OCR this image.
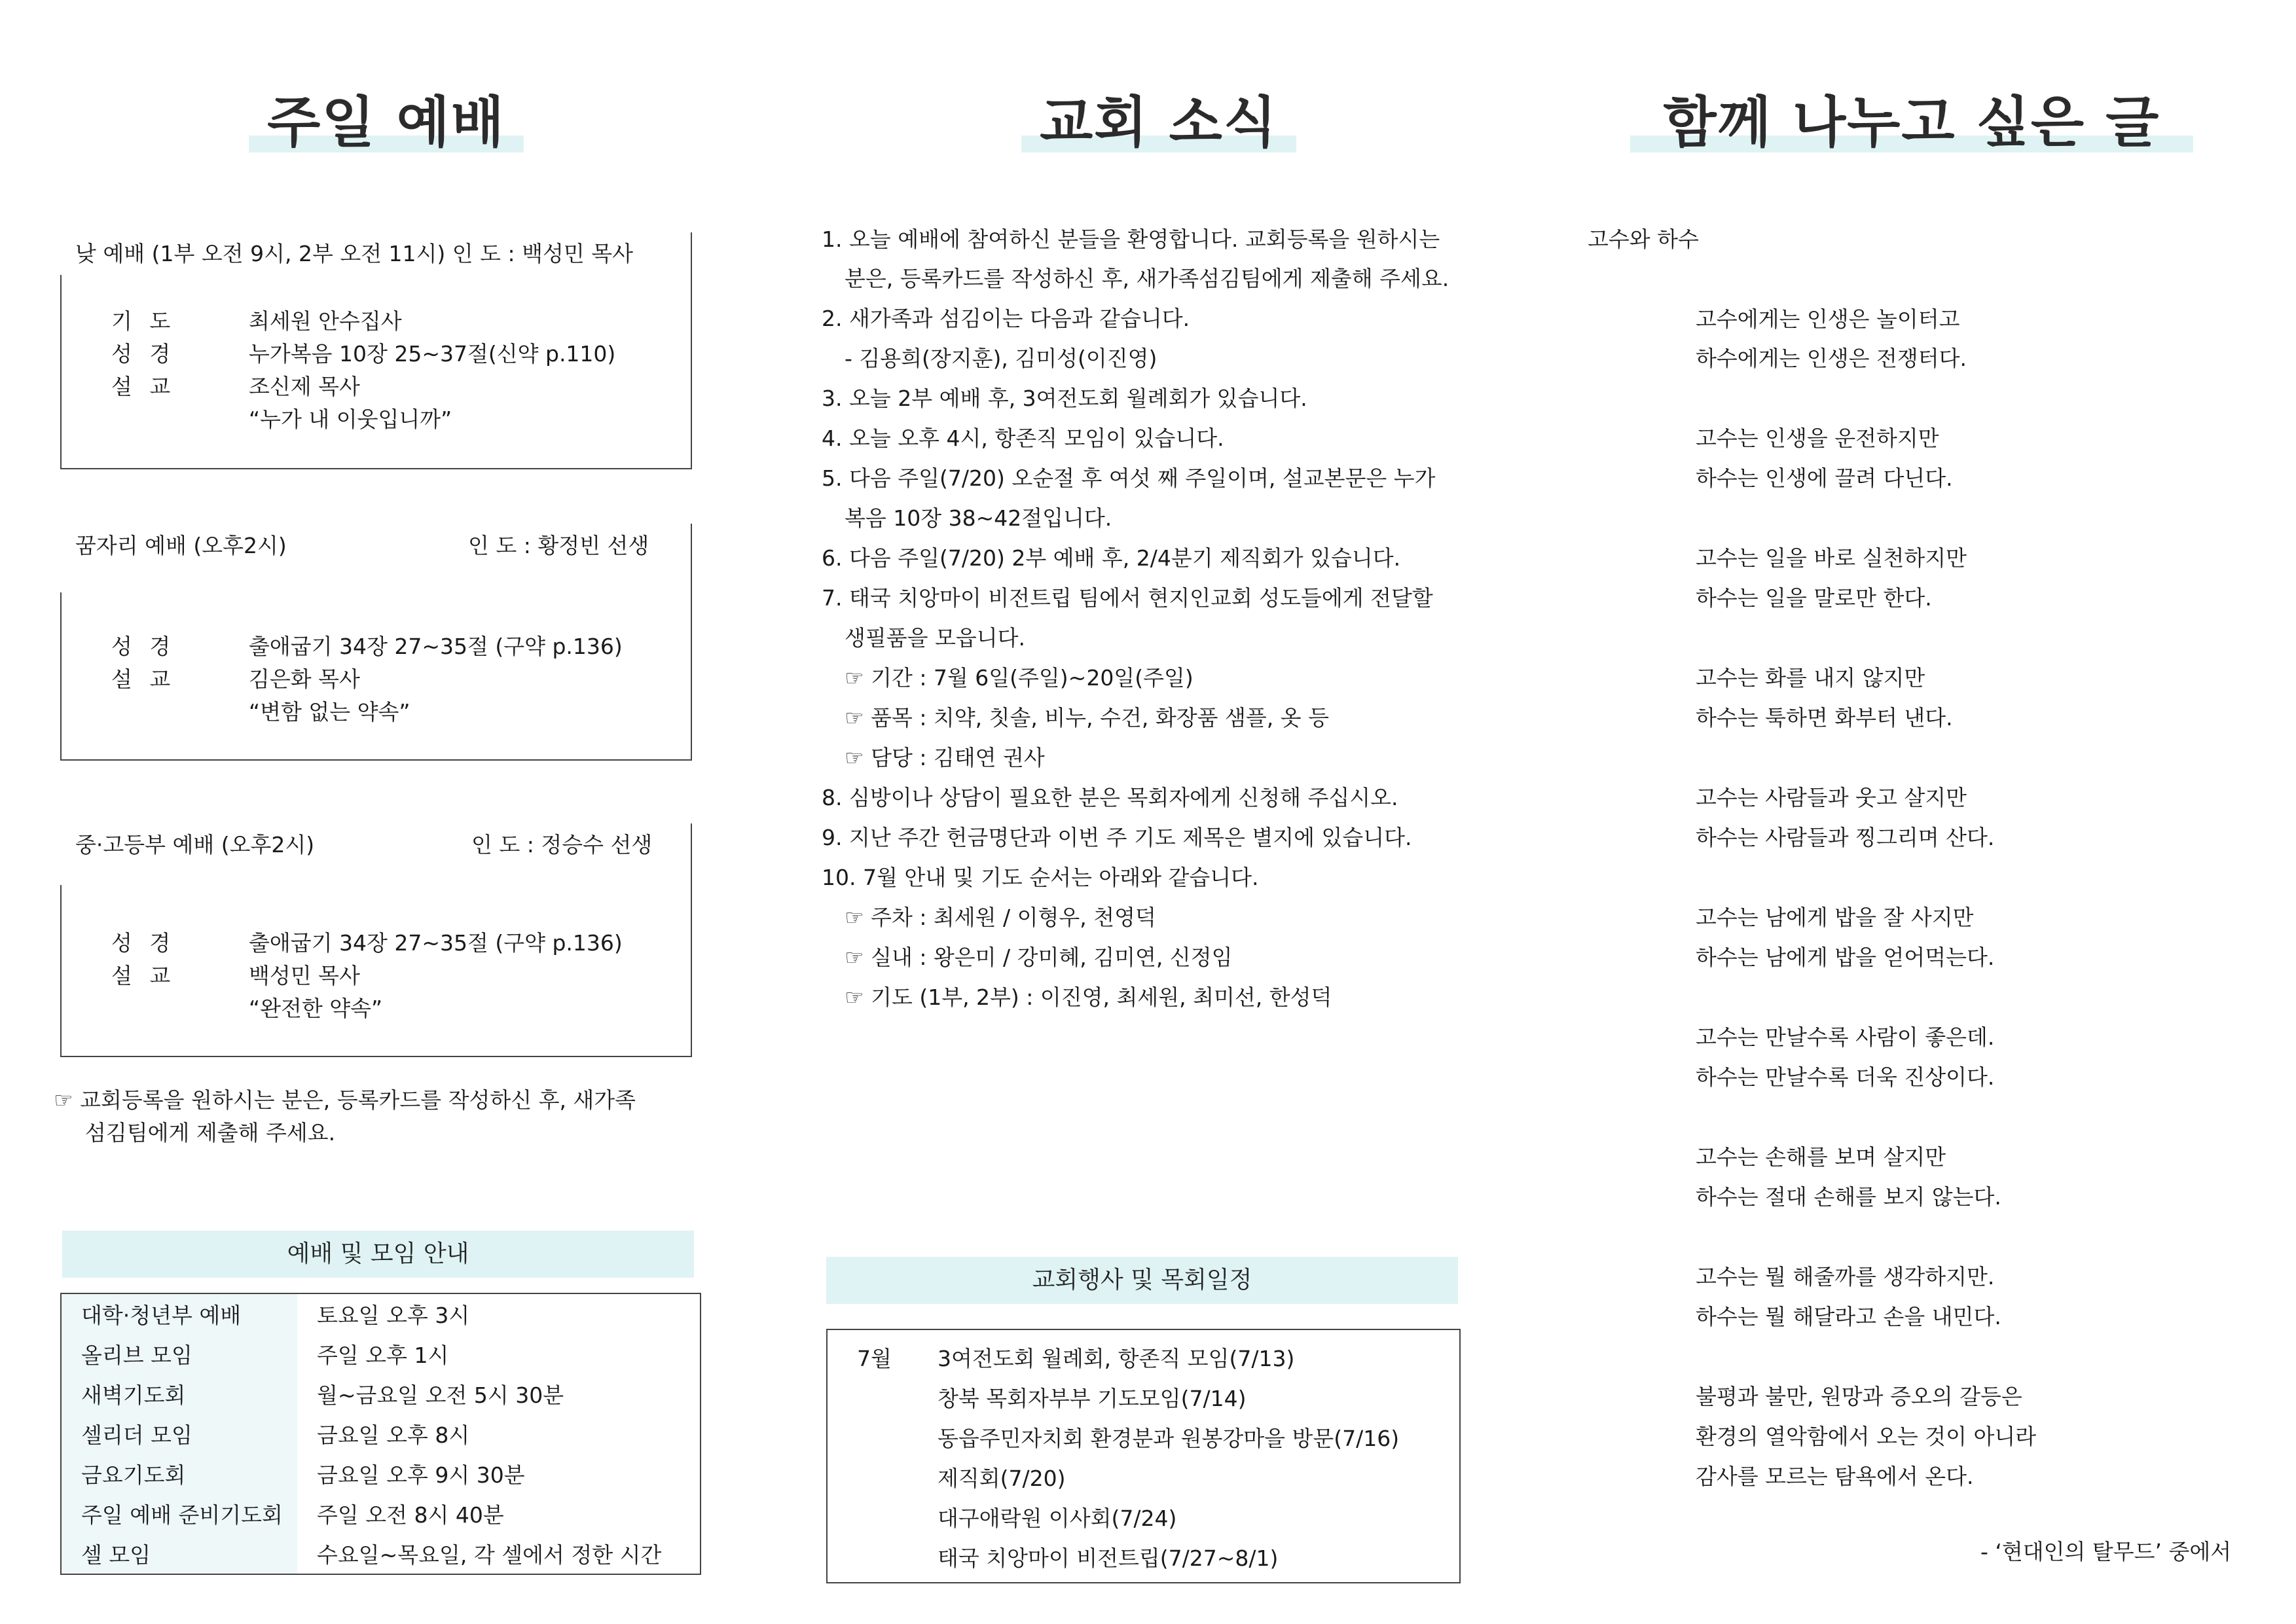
주일 예배
낮 예배 (1부 오전 9시, 2부 오전 11시) 인 도 : 백성민 목사
기 도	최세원 안수집사
성 경	누가복음 10장 25~37절(신약 p.110)
설 교	조신제 목사
“누가 내 이웃입니까”
꿈자리 예배 (오후2시)	인 도 : 황정빈 선생
성 경	출애굽기 34장 27~35절 (구약 p.136)
설 교	김은화 목사
“변함 없는 약속”
중·고등부 예배 (오후2시)	인 도 : 정승수 선생
성 경	출애굽기 34장 27~35절 (구약 p.136)
설 교	백성민 목사
“완전한 약속”
☞ 교회등록을 원하시는 분은, 등록카드를 작성하신 후, 새가족
섬김팀에게 제출해 주세요.
예배 및 모임 안내
대학·청년부 예배	토요일 오후 3시
올리브 모임	주일 오후 1시
새벽기도회	월~금요일 오전 5시 30분
셀리더 모임	금요일 오후 8시
금요기도회	금요일 오후 9시 30분
주일 예배 준비기도회	주일 오전 8시 40분
셀 모임	수요일~목요일, 각 셀에서 정한 시간
교회 소식
1. 오늘 예배에 참여하신 분들을 환영합니다. 교회등록을 원하시는
분은, 등록카드를 작성하신 후, 새가족섬김팀에게 제출해 주세요.
2. 새가족과 섬김이는 다음과 같습니다.
- 김용희(장지훈), 김미성(이진영)
3. 오늘 2부 예배 후, 3여전도회 월례회가 있습니다.
4. 오늘 오후 4시, 항존직 모임이 있습니다.
5. 다음 주일(7/20) 오순절 후 여섯 째 주일이며, 설교본문은 누가
복음 10장 38~42절입니다.
6. 다음 주일(7/20) 2부 예배 후, 2/4분기 제직회가 있습니다.
7. 태국 치앙마이 비전트립 팀에서 현지인교회 성도들에게 전달할
생필품을 모읍니다.
☞ 기간 : 7월 6일(주일)~20일(주일)
☞ 품목 : 치약, 칫솔, 비누, 수건, 화장품 샘플, 옷 등
☞ 담당 : 김태연 권사
8. 심방이나 상담이 필요한 분은 목회자에게 신청해 주십시오.
9. 지난 주간 헌금명단과 이번 주 기도 제목은 별지에 있습니다.
10. 7월 안내 및 기도 순서는 아래와 같습니다.
☞ 주차 : 최세원 / 이형우, 천영덕
☞ 실내 : 왕은미 / 강미혜, 김미연, 신정임
☞ 기도 (1부, 2부) : 이진영, 최세원, 최미선, 한성덕
교회행사 및 목회일정
7월 3여전도회 월례회, 항존직 모임(7/13)
창북 목회자부부 기도모임(7/14)
동읍주민자치회 환경분과 원봉강마을 방문(7/16)
제직회(7/20)
대구애락원 이사회(7/24)
태국 치앙마이 비전트립(7/27~8/1)
함께 나누고 싶은 글
고수와 하수
고수에게는 인생은 놀이터고
하수에게는 인생은 전쟁터다.
고수는 인생을 운전하지만
하수는 인생에 끌려 다닌다.
고수는 일을 바로 실천하지만
하수는 일을 말로만 한다.
고수는 화를 내지 않지만
하수는 툭하면 화부터 낸다.
고수는 사람들과 웃고 살지만
하수는 사람들과 찡그리며 산다.
고수는 남에게 밥을 잘 사지만
하수는 남에게 밥을 얻어먹는다.
고수는 만날수록 사람이 좋은데.
하수는 만날수록 더욱 진상이다.
고수는 손해를 보며 살지만
하수는 절대 손해를 보지 않는다.
고수는 뭘 해줄까를 생각하지만.
하수는 뭘 해달라고 손을 내민다.
불평과 불만, 원망과 증오의 갈등은
환경의 열악함에서 오는 것이 아니라
감사를 모르는 탐욕에서 온다.
- ‘현대인의 탈무드’ 중에서
